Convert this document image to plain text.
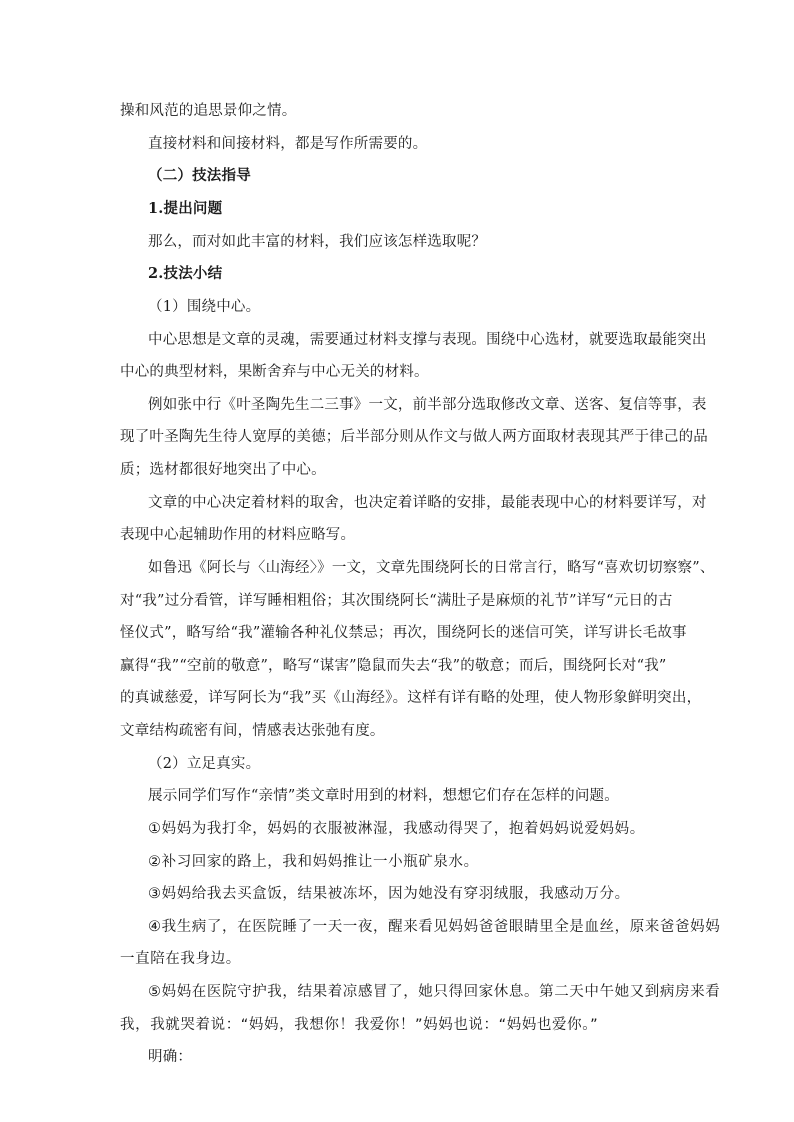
操和风范的追思景仰之情。
直接材料和间接材料，都是写作所需要的。
（二）技法指导
1.提出问题
那么，而对如此丰富的材料，我们应该怎样选取呢？
2.技法小结
（1）围绕中心。
中心思想是文章的灵魂，需要通过材料支撑与表现。围绕中心选材，就要选取最能突出
中心的典型材料，果断舍弃与中心无关的材料。
例如张中行《叶圣陶先生二三事》一文，前半部分选取修改文章、送客、复信等事，表
现了叶圣陶先生待人宽厚的美德；后半部分则从作文与做人两方面取材表现其严于律己的品
质；选材都很好地突出了中心。
文章的中心决定着材料的取舍，也决定着详略的安排，最能表现中心的材料要详写，对
表现中心起辅助作用的材料应略写。
如鲁迅《阿长与〈山海经〉》一文，文章先围绕阿长的日常言行，略写“喜欢切切察察”、
对“我”过分看管，详写睡相粗俗；其次围绕阿长“满肚子是麻烦的礼节”详写“元日的古
怪仪式”，略写给“我”灌输各种礼仪禁忌；再次，围绕阿长的迷信可笑，详写讲长毛故事
赢得“我”“空前的敬意”，略写“谋害”隐鼠而失去“我”的敬意；而后，围绕阿长对“我”
的真诚慈爱，详写阿长为“我”买《山海经》。这样有详有略的处理，使人物形象鲜明突出，
文章结构疏密有间，情感表达张弛有度。
（2）立足真实。
展示同学们写作“亲情”类文章时用到的材料，想想它们存在怎样的问题。
①妈妈为我打伞，妈妈的衣服被淋湿，我感动得哭了，抱着妈妈说爱妈妈。
②补习回家的路上，我和妈妈推让一小瓶矿泉水。
③妈妈给我去买盒饭，结果被冻坏，因为她没有穿羽绒服，我感动万分。
④我生病了，在医院睡了一天一夜，醒来看见妈妈爸爸眼睛里全是血丝，原来爸爸妈妈
一直陪在我身边。
⑤妈妈在医院守护我，结果着凉感冒了，她只得回家休息。第二天中午她又到病房来看
我，我就哭着说：“妈妈，我想你！我爱你！”妈妈也说：“妈妈也爱你。”
明确：
